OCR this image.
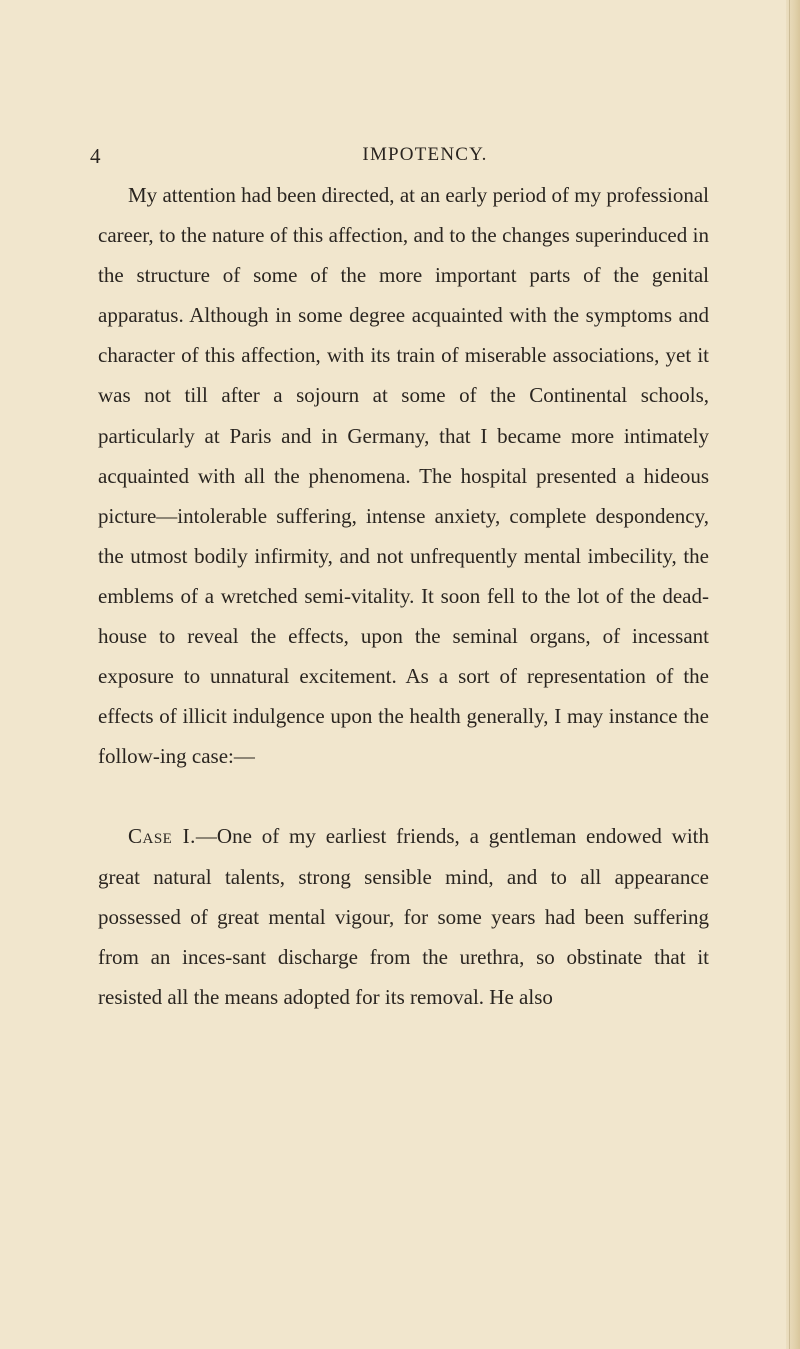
4	IMPOTENCY.

My attention had been directed, at an early period of my professional career, to the nature of this affection, and to the changes superinduced in the structure of some of the more important parts of the genital apparatus. Although in some degree acquainted with the symptoms and character of this affection, with its train of miserable associations, yet it was not till after a sojourn at some of the Continental schools, particularly at Paris and in Germany, that I became more intimately acquainted with all the phenomena. The hospital presented a hideous picture—intolerable suffering, intense anxiety, complete despondency, the utmost bodily infirmity, and not unfrequently mental imbecility, the emblems of a wretched semi-vitality. It soon fell to the lot of the dead-house to reveal the effects, upon the seminal organs, of incessant exposure to unnatural excitement. As a sort of representation of the effects of illicit indulgence upon the health generally, I may instance the follow-ing case:—

Case I.—One of my earliest friends, a gentleman endowed with great natural talents, strong sensible mind, and to all appearance possessed of great mental vigour, for some years had been suffering from an inces-sant discharge from the urethra, so obstinate that it resisted all the means adopted for its removal. He also
